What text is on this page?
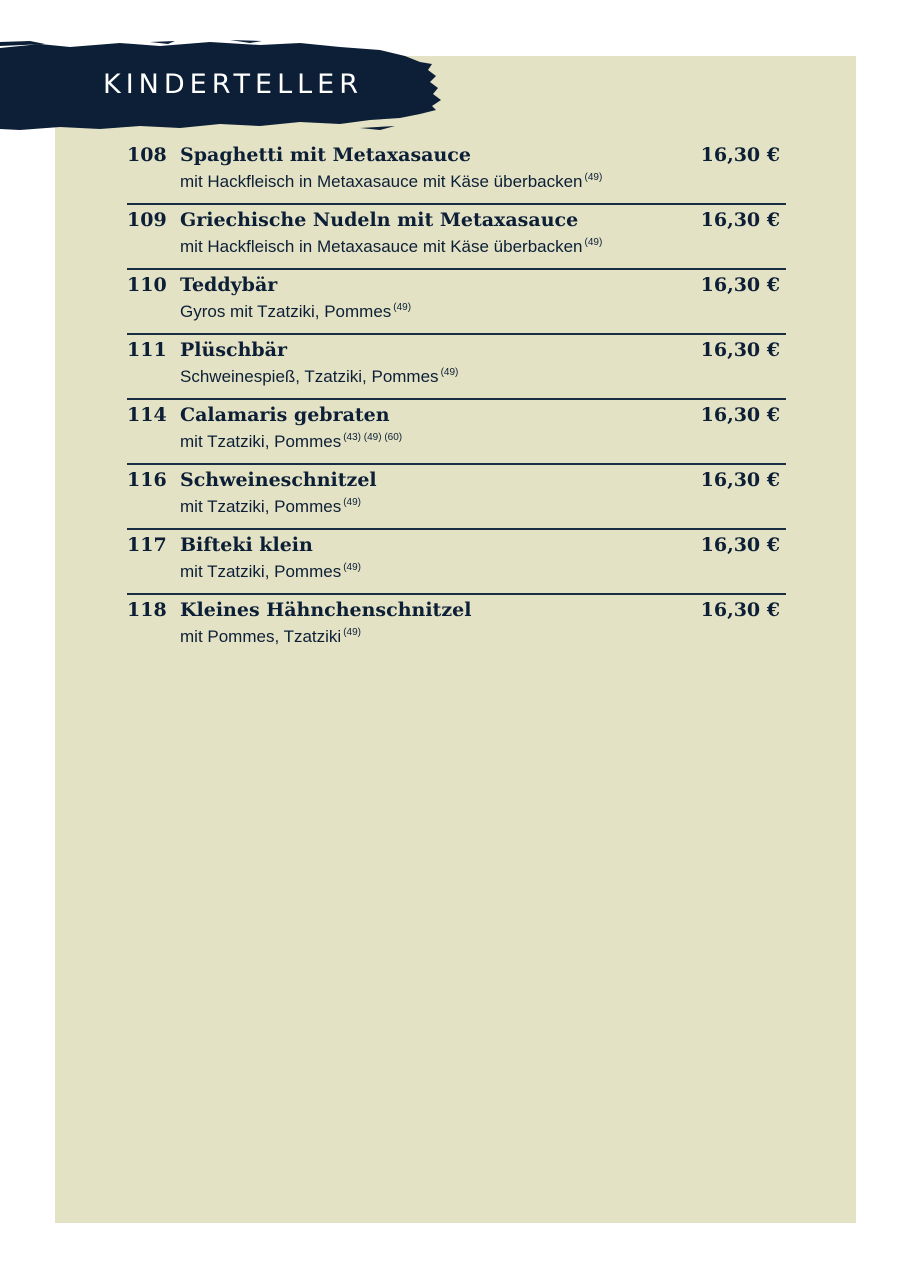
KINDERTELLER
108 Spaghetti mit Metaxasauce	16,30 €
mit Hackfleisch in Metaxasauce mit Käse überbacken $^{(49)}$
109 Griechische Nudeln mit Metaxasauce	16,30 €
mit Hackfleisch in Metaxasauce mit Käse überbacken $^{(49)}$
110 Teddybär	16,30 €
Gyros mit Tzatziki, Pommes $^{(49)}$
111 Plüschbär	16,30 €
Schweinespieß, Tzatziki, Pommes $^{(49)}$
114 Calamaris gebraten	16,30 €
mit Tzatziki, Pommes $^{(43) (49) (60)}$
116 Schweineschnitzel	16,30 €
mit Tzatziki, Pommes $^{(49)}$
117 Bifteki klein	16,30 €
mit Tzatziki, Pommes $^{(49)}$
118 Kleines Hähnchenschnitzel	16,30 €
mit Pommes, Tzatziki $^{(49)}$
